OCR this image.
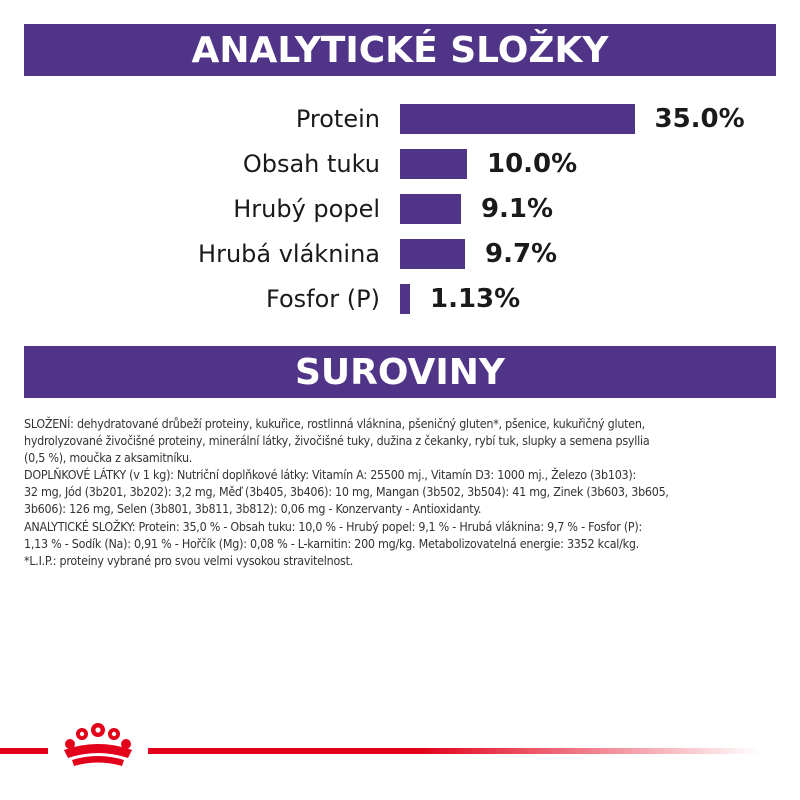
ANALYTICKÉ SLOŽKY
Protein	35.0%
Obsah tuku	10.0%
Hrubý popel	9.1%
Hrubá vláknina	9.7%
Fosfor (P) 1.13%
SUROVINY

SLOŽENÍ: dehydratované drůbeží proteiny, kukuřice, rostlinná vláknina, pšeničný gluten*, pšenice, kukuřičný gluten,

hydrolyzované živočišné proteiny, minerální látky, živočišné tuky, dužina z čekanky, rybí tuk, slupky a semena psyllia

(0,5 %), moučka z aksamitníku.

DOPLŇKOVÉ LÁTKY (v 1 kg): Nutriční doplňkové látky: Vitamín A: 25500 mj., Vitamín D3: 1000 mj., Železo (3b103):

32 mg, Jód (3b201, 3b202): 3,2 mg, Měď (3b405, 3b406): 10 mg, Mangan (3b502, 3b504): 41 mg, Zinek (3b603, 3b605,

3b606): 126 mg, Selen (3b801, 3b811, 3b812): 0,06 mg - Konzervanty - Antioxidanty.

ANALYTICKÉ SLOŽKY: Protein: 35,0 % - Obsah tuku: 10,0 % - Hrubý popel: 9,1 % - Hrubá vláknina: 9,7 % - Fosfor (P):

1,13 % - Sodík (Na): 0,91 % - Hořčík (Mg): 0,08 % - L-karnitin: 200 mg/kg. Metabolizovatelná energie: 3352 kcal/kg.

*L.I.P.: proteiny vybrané pro svou velmi vysokou stravitelnost.
